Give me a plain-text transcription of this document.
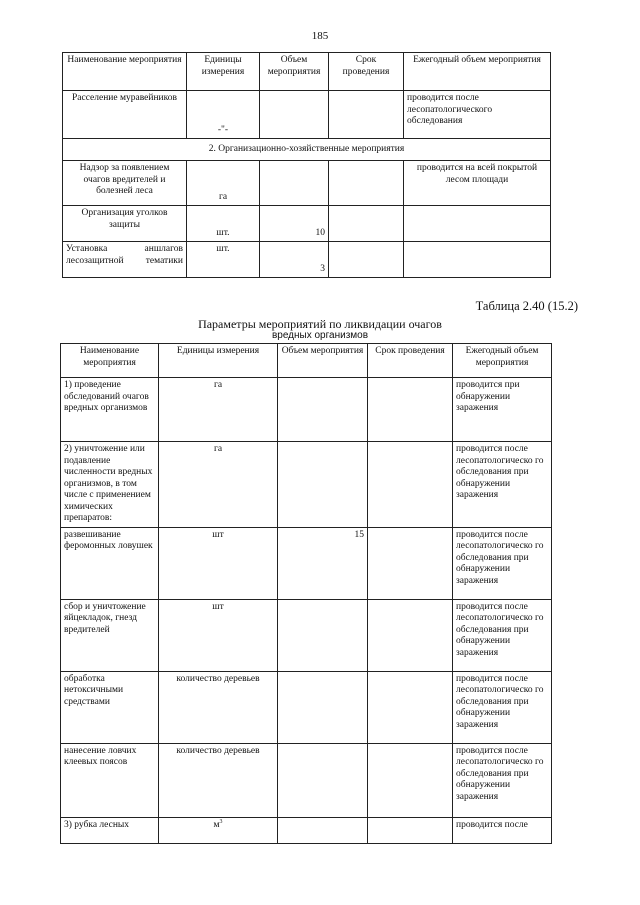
185
Наименование мероприятия	Единицы измерения	Объем мероприятия	Срок проведения	Ежегодный объем мероприятия
Расселение муравейников	-"-			проводится после лесопатологического обследования
2. Организационно-хозяйственные мероприятия				
Надзор за появлением очагов вредителей и болезней леса	га			проводится на всей покрытой лесом площади
Организация уголков защиты	шт.	10		
Установка аншлагов лесозащитной тематики	шт.	3		
Таблица 2.40 (15.2)
Параметры мероприятий по ликвидации очагов
вредных организмов
Наименование мероприятия	Единицы измерения	Объем мероприятия	Срок проведения	Ежегодный объем мероприятия
1) проведение обследований очагов вредных организмов	га			проводится при обнаружении заражения
2) уничтожение или подавление численности вредных организмов, в том числе с применением химических препаратов:	га			проводится после лесопатологическо го обследования при обнаружении заражения
развешивание феромонных ловушек	шт	15		проводится после лесопатологическо го обследования при обнаружении заражения
сбор и уничтожение яйцекладок, гнезд вредителей	шт			проводится после лесопатологическо го обследования при обнаружении заражения
обработка нетоксичными средствами	количество деревьев			проводится после лесопатологическо го обследования при обнаружении заражения
нанесение ловчих клеевых поясов	количество деревьев			проводится после лесопатологическо го обследования при обнаружении заражения
3) рубка лесных	$м^3$			проводится после
